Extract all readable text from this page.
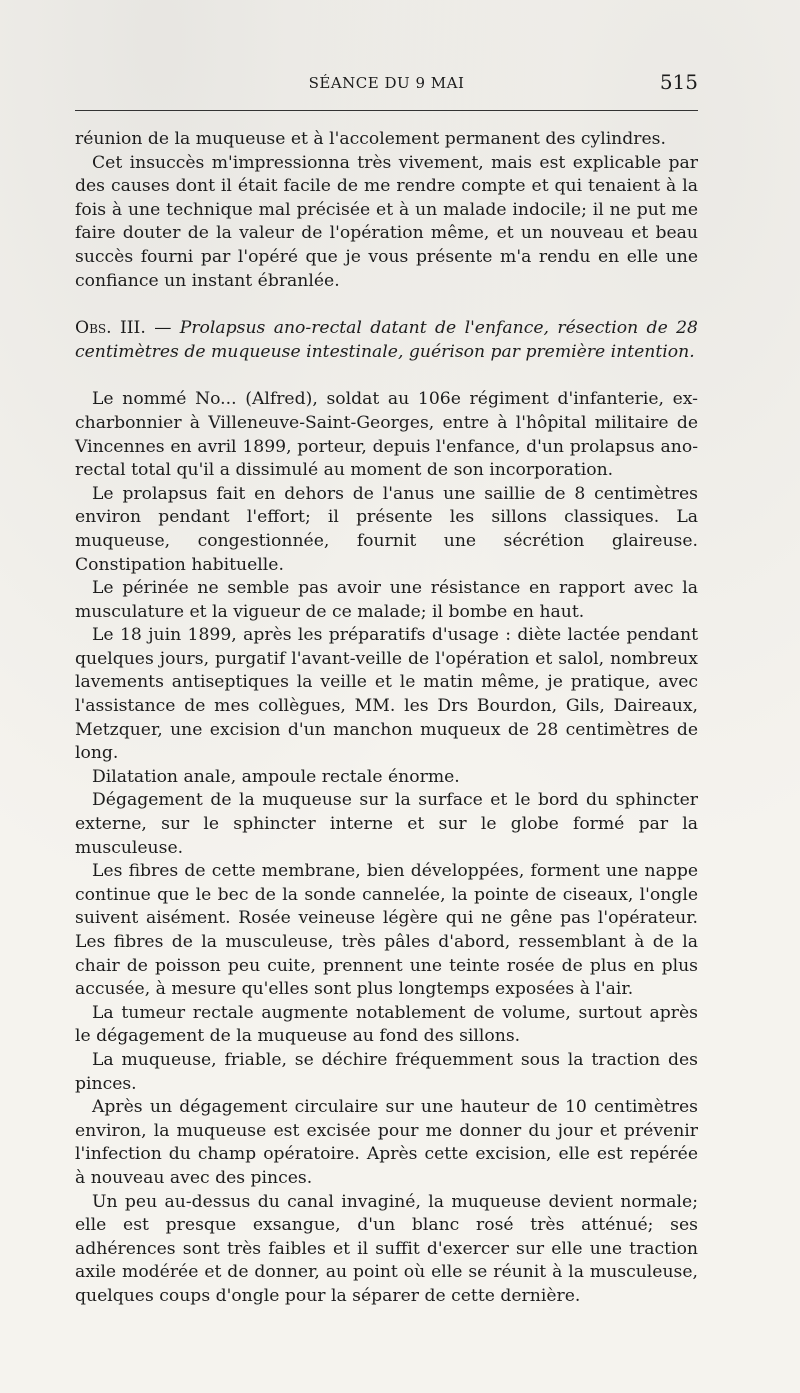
SÉANCE DU 9 MAI	515

réunion de la muqueuse et à l'accolement permanent des cylindres.

Cet insuccès m'impressionna très vivement, mais est explicable par des causes dont il était facile de me rendre compte et qui tenaient à la fois à une technique mal précisée et à un malade indocile; il ne put me faire douter de la valeur de l'opération même, et un nouveau et beau succès fourni par l'opéré que je vous présente m'a rendu en elle une confiance un instant ébranlée.

Obs. III. — Prolapsus ano-rectal datant de l'enfance, résection de 28 centimètres de muqueuse intestinale, guérison par première intention.

Le nommé No... (Alfred), soldat au 106e régiment d'infanterie, ex-charbonnier à Villeneuve-Saint-Georges, entre à l'hôpital militaire de Vincennes en avril 1899, porteur, depuis l'enfance, d'un prolapsus ano-rectal total qu'il a dissimulé au moment de son incorporation.

Le prolapsus fait en dehors de l'anus une saillie de 8 centimètres environ pendant l'effort; il présente les sillons classiques. La muqueuse, congestionnée, fournit une sécrétion glaireuse. Constipation habituelle.

Le périnée ne semble pas avoir une résistance en rapport avec la musculature et la vigueur de ce malade; il bombe en haut.

Le 18 juin 1899, après les préparatifs d'usage : diète lactée pendant quelques jours, purgatif l'avant-veille de l'opération et salol, nombreux lavements antiseptiques la veille et le matin même, je pratique, avec l'assistance de mes collègues, MM. les Drs Bourdon, Gils, Daireaux, Metzquer, une excision d'un manchon muqueux de 28 centimètres de long.

Dilatation anale, ampoule rectale énorme.

Dégagement de la muqueuse sur la surface et le bord du sphincter externe, sur le sphincter interne et sur le globe formé par la musculeuse.

Les fibres de cette membrane, bien développées, forment une nappe continue que le bec de la sonde cannelée, la pointe de ciseaux, l'ongle suivent aisément. Rosée veineuse légère qui ne gêne pas l'opérateur. Les fibres de la musculeuse, très pâles d'abord, ressemblant à de la chair de poisson peu cuite, prennent une teinte rosée de plus en plus accusée, à mesure qu'elles sont plus longtemps exposées à l'air.

La tumeur rectale augmente notablement de volume, surtout après le dégagement de la muqueuse au fond des sillons.

La muqueuse, friable, se déchire fréquemment sous la traction des pinces.

Après un dégagement circulaire sur une hauteur de 10 centimètres environ, la muqueuse est excisée pour me donner du jour et prévenir l'infection du champ opératoire. Après cette excision, elle est repérée à nouveau avec des pinces.

Un peu au-dessus du canal invaginé, la muqueuse devient normale; elle est presque exsangue, d'un blanc rosé très atténué; ses adhérences sont très faibles et il suffit d'exercer sur elle une traction axile modérée et de donner, au point où elle se réunit à la musculeuse, quelques coups d'ongle pour la séparer de cette dernière.
